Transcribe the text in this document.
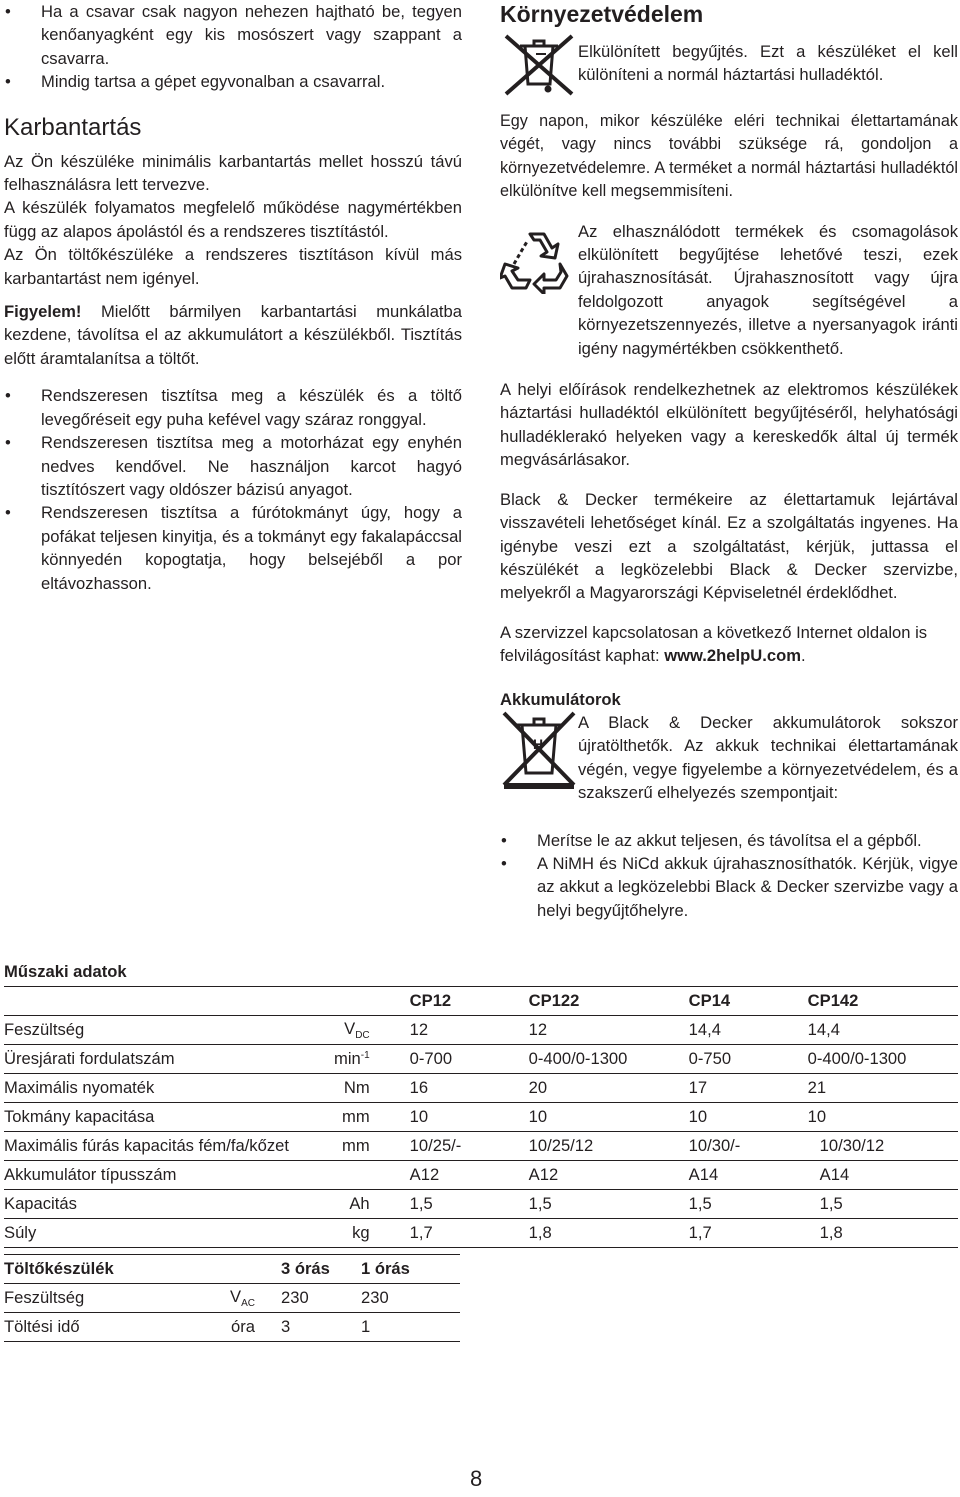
• Ha a csavar csak nagyon nehezen hajtható be, tegyen kenőanyagként egy kis mosószert vagy szappant a csavarra.
• Mindig tartsa a gépet egyvonalban a csavarral.
Karbantartás

Az Ön készüléke minimális karbantartás mellet hosszú távú felhasználásra lett tervezve.

A készülék folyamatos megfelelő működése nagymértékben függ az alapos ápolástól és a rendszeres tisztítástól.

Az Ön töltőkészüléke a rendszeres tisztításon kívül más karbantartást nem igényel.

Figyelem! Mielőtt bármilyen karbantartási munkálatba kezdene, távolítsa el az akkumulátort a készülékből. Tisztítás előtt áramtalanítsa a töltőt.

• Rendszeresen tisztítsa meg a készülék és a töltő levegőréseit egy puha kefével vagy száraz ronggyal.
• Rendszeresen tisztítsa meg a motorházat egy enyhén nedves kendővel. Ne használjon karcot hagyó tisztítószert vagy oldószer bázisú anyagot.
• Rendszeresen tisztítsa a fúrótokmányt úgy, hogy a pofákat teljesen kinyitja, és a tokmányt egy fakalapáccsal könnyedén kopogtatja, hogy belsejéből a por eltávozhasson.
Környezetvédelem

Elkülönített begyűjtés. Ezt a készüléket el kell különíteni a normál háztartási hulladéktól.

Egy napon, mikor készüléke eléri technikai élettartamának végét, vagy nincs további szüksége rá, gondoljon a környezetvédelemre. A terméket a normál háztartási hulladéktól elkülönítve kell megsemmisíteni.

Az elhasználódott termékek és csomagolások elkülönített begyűjtése lehetővé teszi, ezek újrahasznosítását. Újrahasznosított vagy újra feldolgozott anyagok segítségével a környezetszennyezés, illetve a nyersanyagok iránti igény nagymértékben csökkenthető.

A helyi előírások rendelkezhetnek az elektromos készülékek háztartási hulladéktól elkülönített begyűjtéséről, helyhatósági hulladéklerakó helyeken vagy a kereskedők által új termék megvásárlásakor.

Black & Decker termékeire az élettartamuk lejártával visszavételi lehetőséget kínál. Ez a szolgáltatás ingyenes. Ha igénybe veszi ezt a szolgáltatást, kérjük, juttassa el készülékét a legközelebbi Black & Decker szervizbe, melyekről a Magyarországi Képviseletnél érdeklődhet.

A szervizzel kapcsolatosan a következő Internet oldalon is felvilágosítást kaphat: www.2helpU.com.

Akkumulátorok

H

A Black & Decker akkumulátorok sokszor újratölthetők. Az akkuk technikai élettartamának végén, vegye figyelembe a környezetvédelem, és a szakszerű elhelyezés szempontjait:

• Merítse le az akkut teljesen, és távolítsa el a gépből.
• A NiMH és NiCd akkuk újrahasznosíthatók. Kérjük, vigye az akkut a legközelebbi Black & Decker szervizbe vagy a helyi begyűjtőhelyre.
Műszaki adatok
		CP12	CP122	CP14	CP142
Feszültség	$V_{DC}$	12	12	14,4	14,4
Üresjárati fordulatszám	$\min^{-1}$	0-700	0-400/0-1300	0-750	0-400/0-1300
Maximális nyomaték	Nm	16	20	17	21
Tokmány kapacitása	mm	10	10	10	10
Maximális fúrás kapacitás fém/fa/kőzet	mm	10/25/-	10/25/12	10/30/-	10/30/12
Akkumulátor típusszám		A12	A12	A14	A14
Kapacitás	Ah	1,5	1,5	1,5	1,5
Súly	kg	1,7	1,8	1,7	1,8
Töltőkészülék		3 órás	1 órás
Feszültség	$V_{AC}$	230	230
Töltési idő	óra	3	1
8
